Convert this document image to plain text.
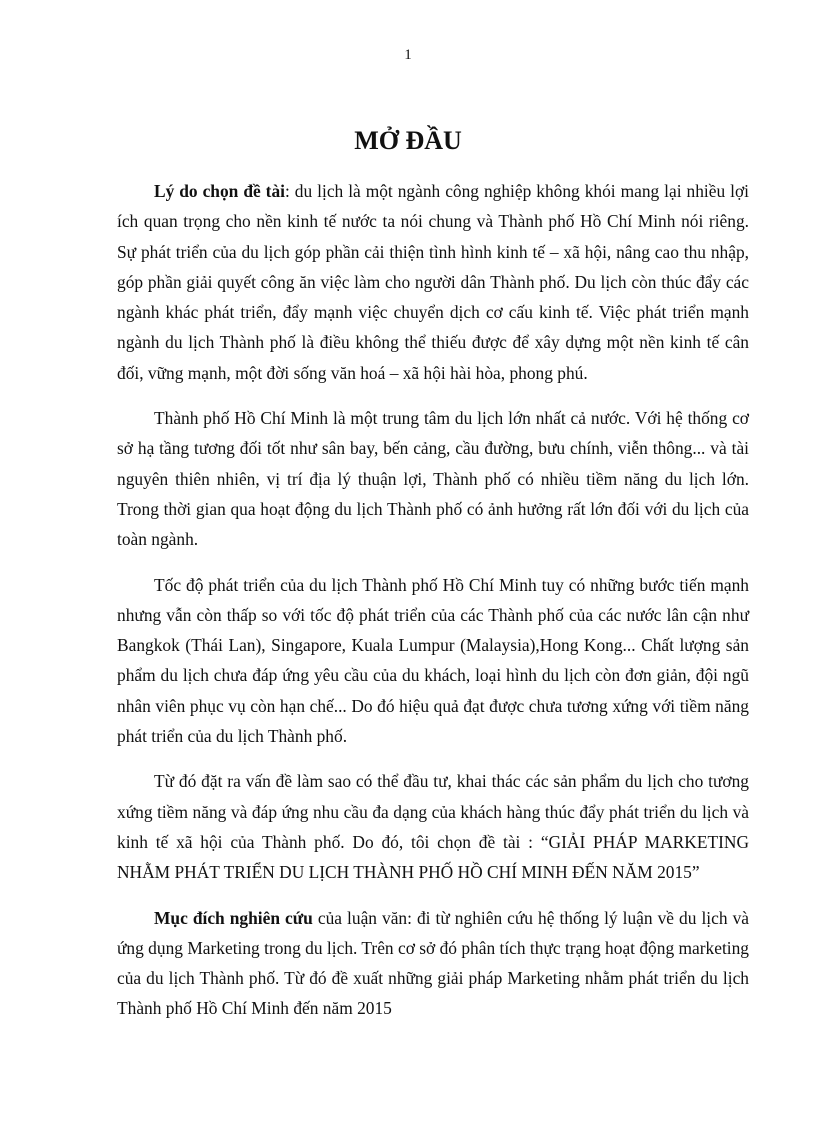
1
MỞ ĐẦU

Lý do chọn đề tài: du lịch là một ngành công nghiệp không khói mang lại nhiều lợi ích quan trọng cho nền kinh tế nước ta nói chung và Thành phố Hồ Chí Minh nói riêng. Sự phát triển của du lịch góp phần cải thiện tình hình kinh tế – xã hội, nâng cao thu nhập, góp phần giải quyết công ăn việc làm cho người dân Thành phố. Du lịch còn thúc đẩy các ngành khác phát triển, đẩy mạnh việc chuyển dịch cơ cấu kinh tế. Việc phát triển mạnh ngành du lịch Thành phố là điều không thể thiếu được để xây dựng một nền kinh tế cân đối, vững mạnh, một đời sống văn hoá – xã hội hài hòa, phong phú.

Thành phố Hồ Chí Minh là một trung tâm du lịch lớn nhất cả nước. Với hệ thống cơ sở hạ tầng tương đối tốt như sân bay, bến cảng, cầu đường, bưu chính, viễn thông... và tài nguyên thiên nhiên, vị trí địa lý thuận lợi, Thành phố có nhiều tiềm năng du lịch lớn. Trong thời gian qua hoạt động du lịch Thành phố có ảnh hưởng rất lớn đối với du lịch của toàn ngành.

Tốc độ phát triển của du lịch Thành phố Hồ Chí Minh tuy có những bước tiến mạnh nhưng vẫn còn thấp so với tốc độ phát triển của các Thành phố của các nước lân cận như Bangkok (Thái Lan), Singapore, Kuala Lumpur (Malaysia),Hong Kong... Chất lượng sản phẩm du lịch chưa đáp ứng yêu cầu của du khách, loại hình du lịch còn đơn giản, đội ngũ nhân viên phục vụ còn hạn chế... Do đó hiệu quả đạt được chưa tương xứng với tiềm năng phát triển của du lịch Thành phố.

Từ đó đặt ra vấn đề làm sao có thể đầu tư, khai thác các sản phẩm du lịch cho tương xứng tiềm năng và đáp ứng nhu cầu đa dạng của khách hàng thúc đẩy phát triển du lịch và kinh tế xã hội của Thành phố. Do đó, tôi chọn đề tài : “GIẢI PHÁP MARKETING NHẰM PHÁT TRIỂN DU LỊCH THÀNH PHỐ HỒ CHÍ MINH ĐẾN NĂM 2015”

Mục đích nghiên cứu của luận văn: đi từ nghiên cứu hệ thống lý luận về du lịch và ứng dụng Marketing trong du lịch. Trên cơ sở đó phân tích thực trạng hoạt động marketing của du lịch Thành phố. Từ đó đề xuất những giải pháp Marketing nhằm phát triển du lịch Thành phố Hồ Chí Minh đến năm 2015
